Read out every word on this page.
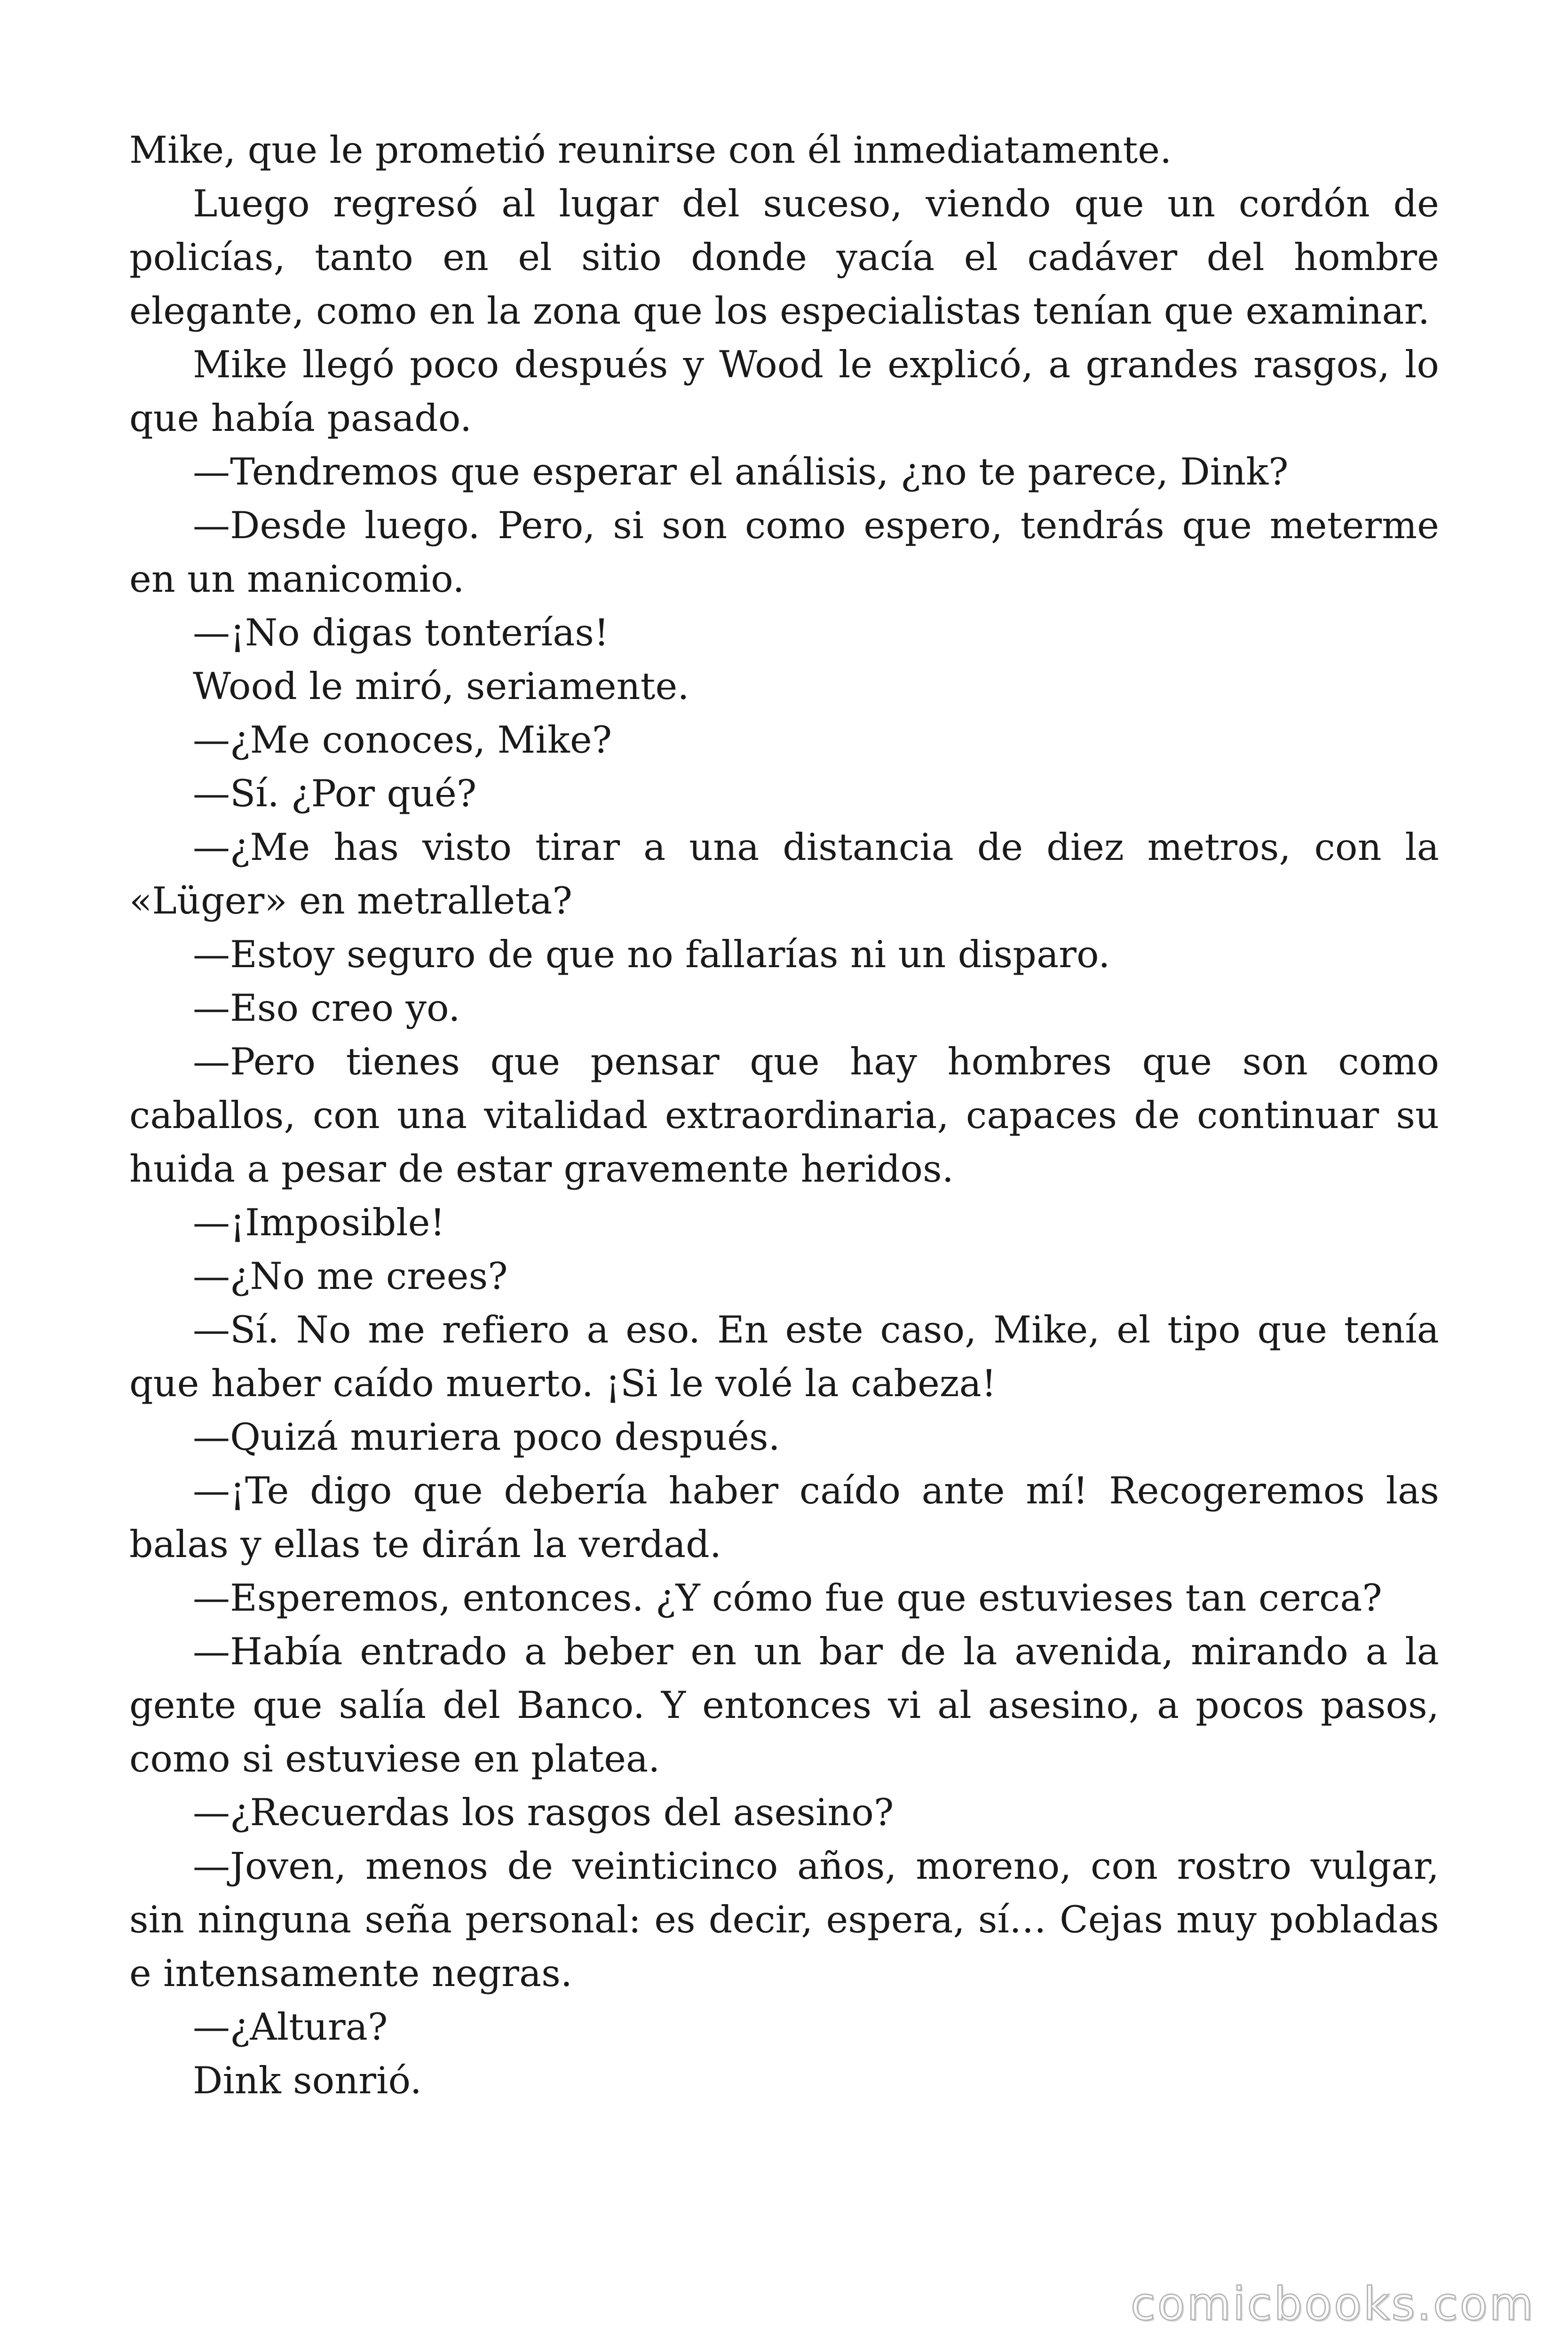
Mike, que le prometió reunirse con él inmediatamente.

Luego regresó al lugar del suceso, viendo que un cordón de policías, tanto en el sitio donde yacía el cadáver del hombre elegante, como en la zona que los especialistas tenían que examinar.

Mike llegó poco después y Wood le explicó, a grandes rasgos, lo que había pasado.

—Tendremos que esperar el análisis, ¿no te parece, Dink?

—Desde luego. Pero, si son como espero, tendrás que meterme en un manicomio.

—¡No digas tonterías!

Wood le miró, seriamente.

—¿Me conoces, Mike?

—Sí. ¿Por qué?

—¿Me has visto tirar a una distancia de diez metros, con la «Lüger» en metralleta?

—Estoy seguro de que no fallarías ni un disparo.

—Eso creo yo.

—Pero tienes que pensar que hay hombres que son como caballos, con una vitalidad extraordinaria, capaces de continuar su huida a pesar de estar gravemente heridos.

—¡Imposible!

—¿No me crees?

—Sí. No me refiero a eso. En este caso, Mike, el tipo que tenía que haber caído muerto. ¡Si le volé la cabeza!

—Quizá muriera poco después.

—¡Te digo que debería haber caído ante mí! Recogeremos las balas y ellas te dirán la verdad.

—Esperemos, entonces. ¿Y cómo fue que estuvieses tan cerca?

—Había entrado a beber en un bar de la avenida, mirando a la gente que salía del Banco. Y entonces vi al asesino, a pocos pasos, como si estuviese en platea.

—¿Recuerdas los rasgos del asesino?

—Joven, menos de veinticinco años, moreno, con rostro vulgar, sin ninguna seña personal: es decir, espera, sí… Cejas muy pobladas e intensamente negras.

—¿Altura?

Dink sonrió.

comicbooks.com
